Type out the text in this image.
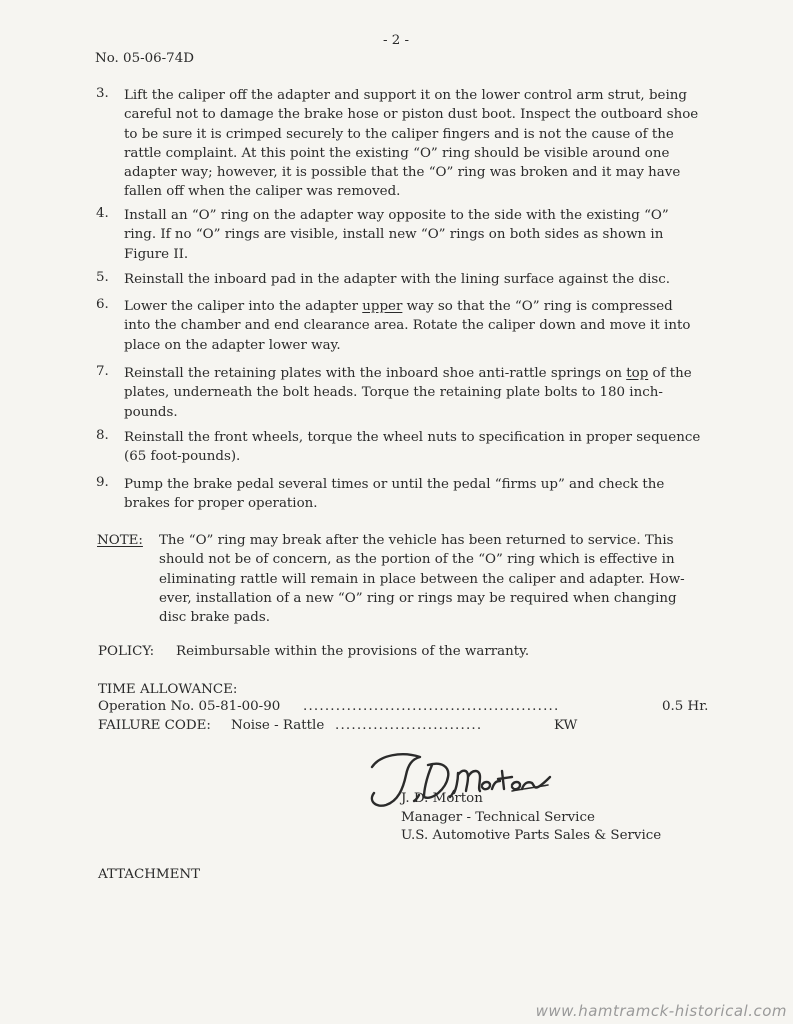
- 2 -
No. 05-06-74D
3. Lift the caliper off the adapter and support it on the lower control arm strut, being
careful not to damage the brake hose or piston dust boot. Inspect the outboard shoe
to be sure it is crimped securely to the caliper fingers and is not the cause of the
rattle complaint. At this point the existing “O” ring should be visible around one
adapter way; however, it is possible that the “O” ring was broken and it may have
fallen off when the caliper was removed.
4. Install an “O” ring on the adapter way opposite to the side with the existing “O”
ring. If no “O” rings are visible, install new “O” rings on both sides as shown in
Figure II.
5. Reinstall the inboard pad in the adapter with the lining surface against the disc.
6. Lower the caliper into the adapter upper way so that the “O” ring is compressed
into the chamber and end clearance area. Rotate the caliper down and move it into
place on the adapter lower way.
7. Reinstall the retaining plates with the inboard shoe anti-rattle springs on top of the
plates, underneath the bolt heads. Torque the retaining plate bolts to 180 inch-
pounds.
8. Reinstall the front wheels, torque the wheel nuts to specification in proper sequence
(65 foot-pounds).
9. Pump the brake pedal several times or until the pedal “firms up” and check the
brakes for proper operation.
NOTE: The “O” ring may break after the vehicle has been returned to service. This
should not be of concern, as the portion of the “O” ring which is effective in
eliminating rattle will remain in place between the caliper and adapter. How-
ever, installation of a new “O” ring or rings may be required when changing
disc brake pads.
POLICY: Reimbursable within the provisions of the warranty.
TIME ALLOWANCE:
Operation No. 05-81-00-90 ...............................................	0.5 Hr.
FAILURE CODE: Noise - Rattle ...........................	KW
J. D. Morton
Manager - Technical Service
U.S. Automotive Parts Sales & Service
ATTACHMENT
www.hamtramck-historical.com
